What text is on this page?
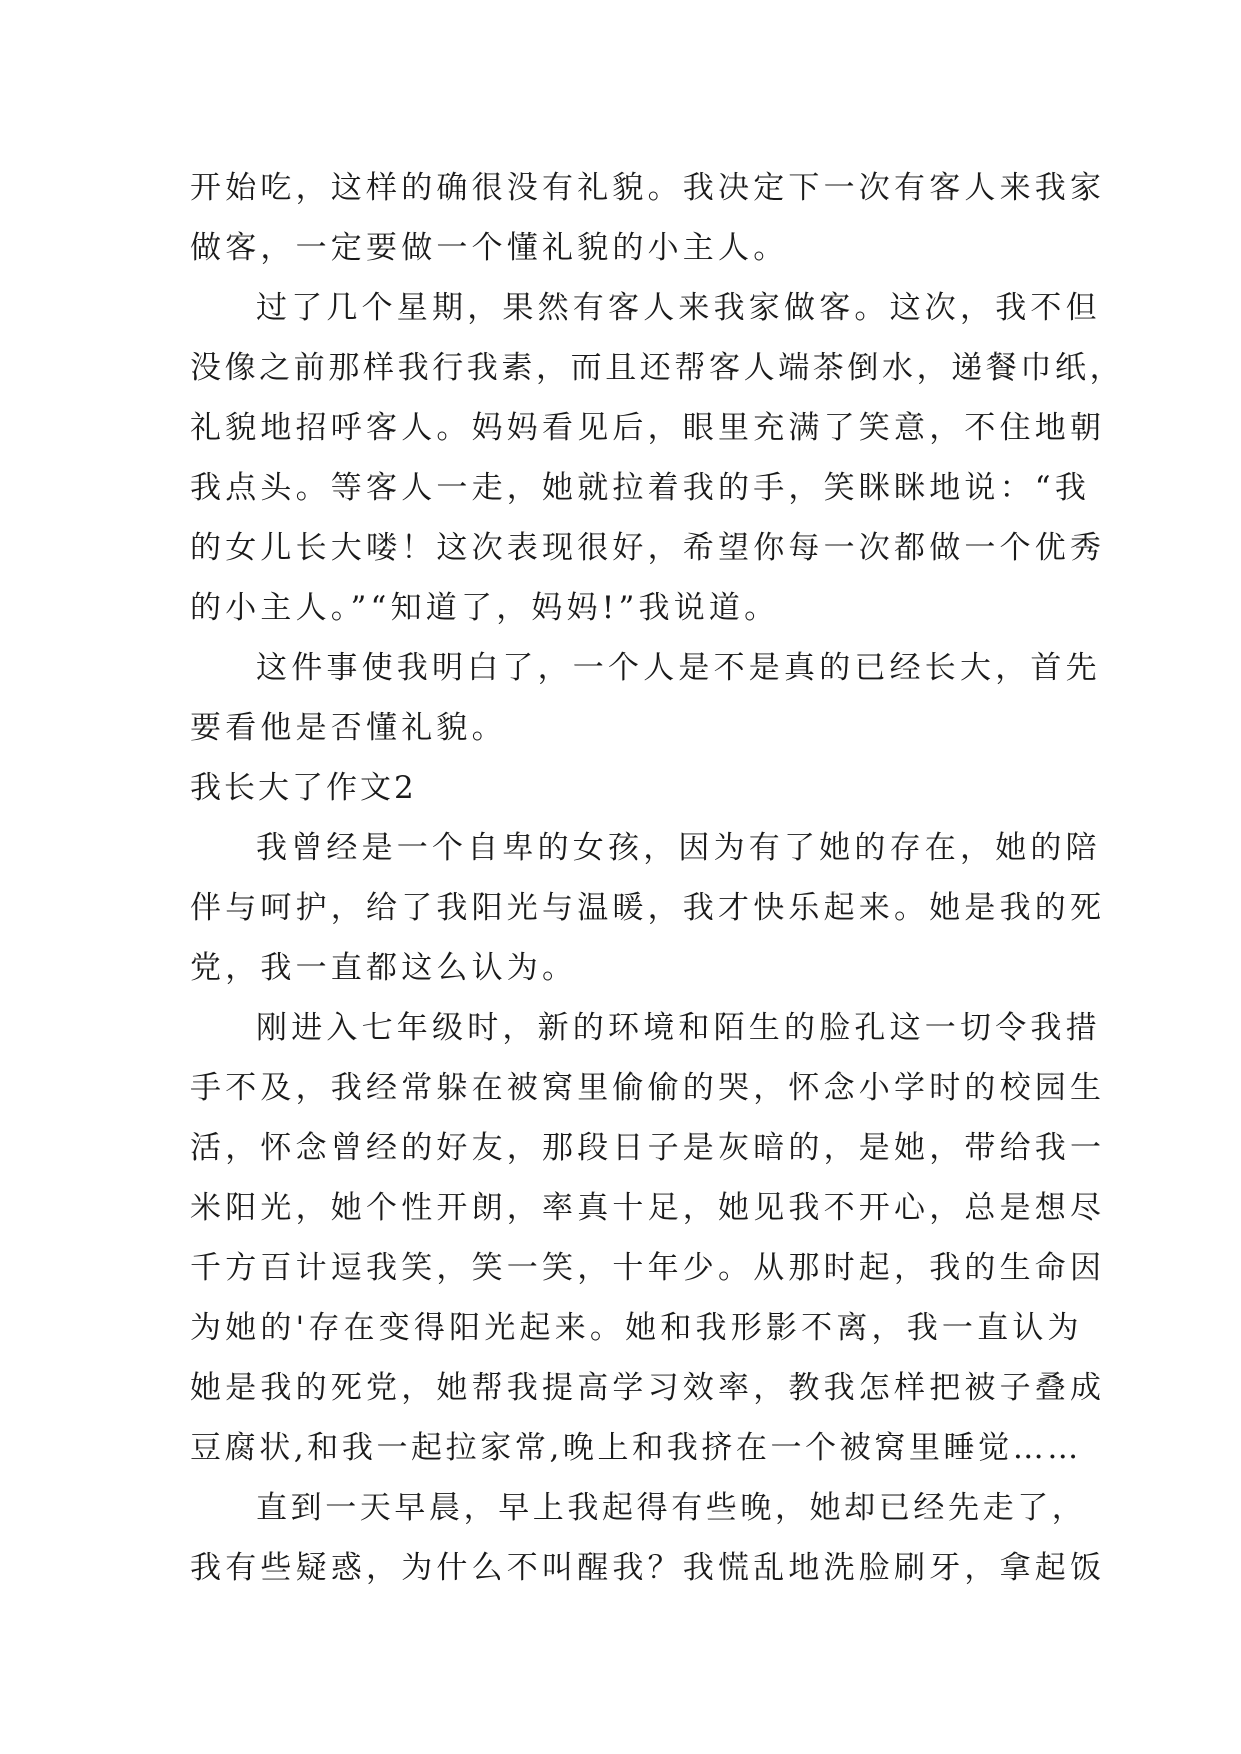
开始吃，这样的确很没有礼貌。我决定下一次有客人来我家
做客，一定要做一个懂礼貌的小主人。
过了几个星期，果然有客人来我家做客。这次，我不但
没像之前那样我行我素，而且还帮客人端茶倒水，递餐巾纸，
礼貌地招呼客人。妈妈看见后，眼里充满了笑意，不住地朝
我点头。等客人一走，她就拉着我的手，笑眯眯地说：“我
的女儿长大喽！这次表现很好，希望你每一次都做一个优秀
的小主人。”“知道了，妈妈!”我说道。
这件事使我明白了，一个人是不是真的已经长大，首先
要看他是否懂礼貌。
我长大了作文2
我曾经是一个自卑的女孩，因为有了她的存在，她的陪
伴与呵护，给了我阳光与温暖，我才快乐起来。她是我的死
党，我一直都这么认为。
刚进入七年级时，新的环境和陌生的脸孔这一切令我措
手不及，我经常躲在被窝里偷偷的哭，怀念小学时的校园生
活，怀念曾经的好友，那段日子是灰暗的，是她，带给我一
米阳光，她个性开朗，率真十足，她见我不开心，总是想尽
千方百计逗我笑，笑一笑，十年少。从那时起，我的生命因
为她的'存在变得阳光起来。她和我形影不离，我一直认为
她是我的死党，她帮我提高学习效率，教我怎样把被子叠成
豆腐状,和我一起拉家常,晚上和我挤在一个被窝里睡觉……
直到一天早晨，早上我起得有些晚，她却已经先走了，
我有些疑惑，为什么不叫醒我？我慌乱地洗脸刷牙，拿起饭
